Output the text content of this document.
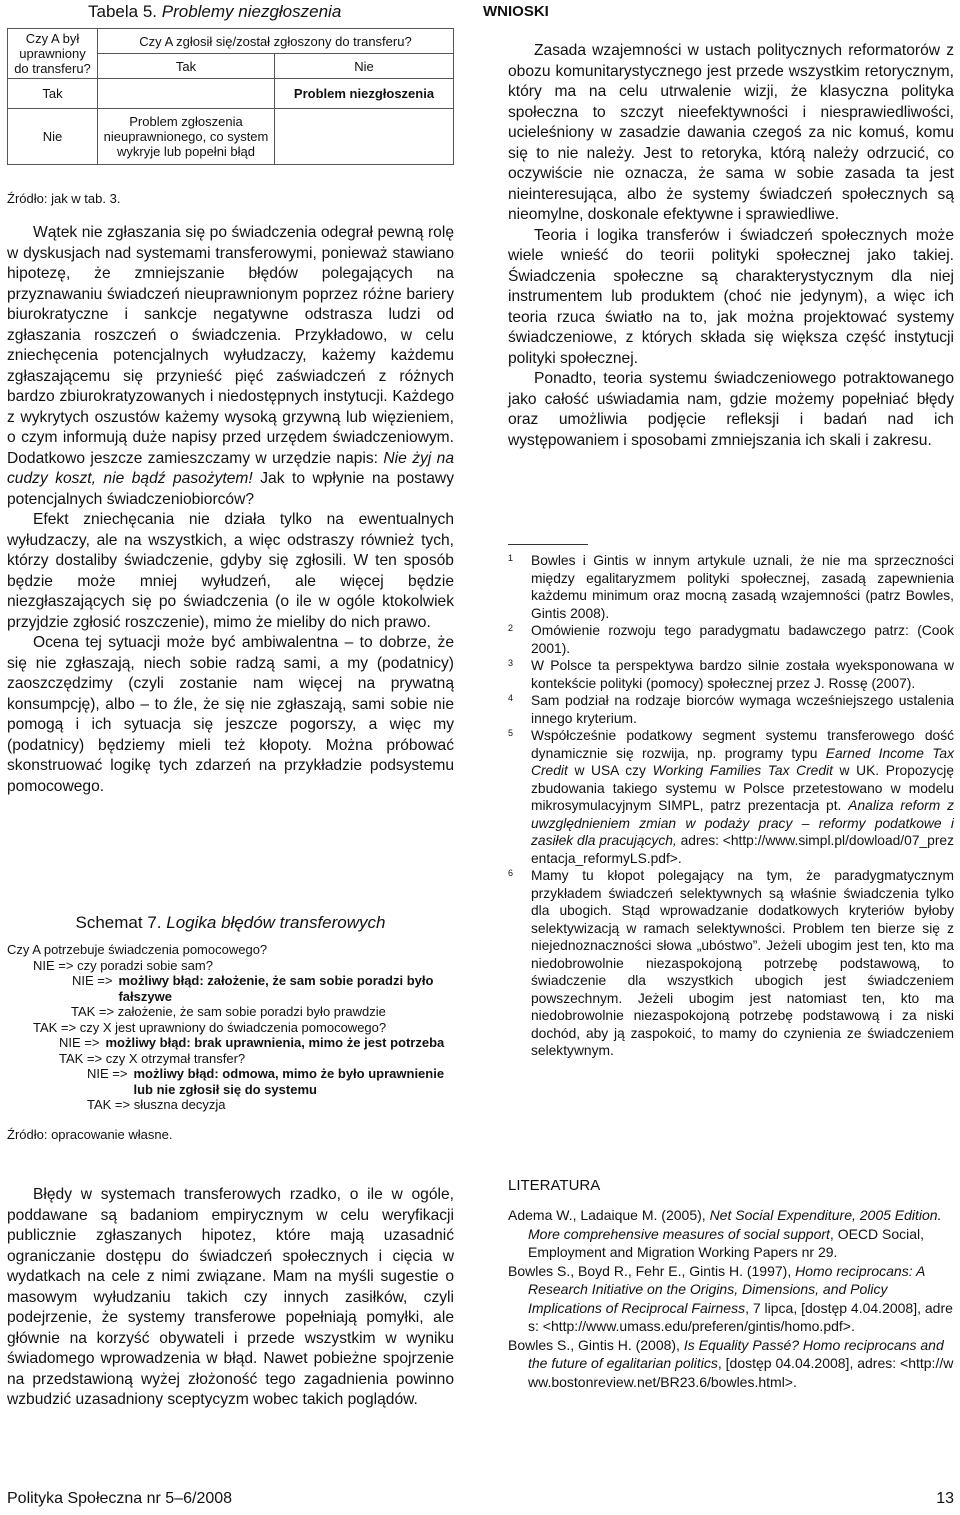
Tabela 5. Problemy niezgłoszenia
Czy A był uprawniony do transferu?	Czy A zgłosił się/został zgłoszony do transferu?	
	Tak	Nie
Tak		Problem niezgłoszenia
Nie	Problem zgłoszenia nieuprawnionego, co system wykryje lub popełni błąd	
Źródło: jak w tab. 3.

Wątek nie zgłaszania się po świadczenia odegrał pewną rolę w dyskusjach nad systemami transferowymi, ponieważ stawiano hipotezę, że zmniejszanie błędów polegających na przyznawaniu świadczeń nieuprawnionym poprzez różne bariery biurokratyczne i sankcje negatywne odstrasza ludzi od zgłaszania roszczeń o świadczenia. Przykładowo, w celu zniechęcenia potencjalnych wyłudzaczy, każemy każdemu zgłaszającemu się przynieść pięć zaświadczeń z różnych bardzo zbiurokratyzowanych i niedostępnych instytucji. Każdego z wykrytych oszustów każemy wysoką grzywną lub więzieniem, o czym informują duże napisy przed urzędem świadczeniowym. Dodatkowo jeszcze zamieszczamy w urzędzie napis: Nie żyj na cudzy koszt, nie bądź pasożytem! Jak to wpłynie na postawy potencjalnych świadczeniobiorców?

Efekt zniechęcania nie działa tylko na ewentualnych wyłudzaczy, ale na wszystkich, a więc odstraszy również tych, którzy dostaliby świadczenie, gdyby się zgłosili. W ten sposób będzie może mniej wyłudzeń, ale więcej będzie niezgłaszających się po świadczenia (o ile w ogóle ktokolwiek przyjdzie zgłosić roszczenie), mimo że mieliby do nich prawo.

Ocena tej sytuacji może być ambiwalentna – to dobrze, że się nie zgłaszają, niech sobie radzą sami, a my (podatnicy) zaoszczędzimy (czyli zostanie nam więcej na prywatną konsumpcję), albo – to źle, że się nie zgłaszają, sami sobie nie pomogą i ich sytuacja się jeszcze pogorszy, a więc my (podatnicy) będziemy mieli też kłopoty. Można próbować skonstruować logikę tych zdarzeń na przykładzie podsystemu pomocowego.

Schemat 7. Logika błędów transferowych

Czy A potrzebuje świadczenia pomocowego?
NIE => czy poradzi sobie sam?
NIE => możliwy błąd: założenie, że sam sobie poradzi było fałszywe
TAK => założenie, że sam sobie poradzi było prawdzie
TAK => czy X jest uprawniony do świadczenia pomocowego?
NIE => możliwy błąd: brak uprawnienia, mimo że jest potrzeba
TAK => czy X otrzymał transfer?
NIE => możliwy błąd: odmowa, mimo że było uprawnienie lub nie zgłosił się do systemu
TAK => słuszna decyzja
Źródło: opracowanie własne.

Błędy w systemach transferowych rzadko, o ile w ogóle, poddawane są badaniom empirycznym w celu weryfikacji publicznie zgłaszanych hipotez, które mają uzasadnić ograniczanie dostępu do świadczeń społecznych i cięcia w wydatkach na cele z nimi związane. Mam na myśli sugestie o masowym wyłudzaniu takich czy innych zasiłków, czyli podejrzenie, że systemy transferowe popełniają pomyłki, ale głównie na korzyść obywateli i przede wszystkim w wyniku świadomego wprowadzenia w błąd. Nawet pobieżne spojrzenie na przedstawioną wyżej złożoność tego zagadnienia powinno wzbudzić uzasadniony sceptycyzm wobec takich poglądów.

WNIOSKI

Zasada wzajemności w ustach politycznych reformatorów z obozu komunitarystycznego jest przede wszystkim retorycznym, który ma na celu utrwalenie wizji, że klasyczna polityka społeczna to szczyt nieefektywności i niesprawiedliwości, ucieleśniony w zasadzie dawania czegoś za nic komuś, komu się to nie należy. Jest to retoryka, którą należy odrzucić, co oczywiście nie oznacza, że sama w sobie zasada ta jest nieinteresująca, albo że systemy świadczeń społecznych są nieomylne, doskonale efektywne i sprawiedliwe.

Teoria i logika transferów i świadczeń społecznych może wiele wnieść do teorii polityki społecznej jako takiej. Świadczenia społeczne są charakterystycznym dla niej instrumentem lub produktem (choć nie jedynym), a więc ich teoria rzuca światło na to, jak można projektować systemy świadczeniowe, z których składa się większa część instytucji polityki społecznej.

Ponadto, teoria systemu świadczeniowego potraktowanego jako całość uświadamia nam, gdzie możemy popełniać błędy oraz umożliwia podjęcie refleksji i badań nad ich występowaniem i sposobami zmniejszania ich skali i zakresu.

1 Bowles i Gintis w innym artykule uznali, że nie ma sprzeczności między egalitaryzmem polityki społecznej, zasadą zapewnienia każdemu minimum oraz mocną zasadą wzajemności (patrz Bowles, Gintis 2008).
2 Omówienie rozwoju tego paradygmatu badawczego patrz: (Cook 2001).
3 W Polsce ta perspektywa bardzo silnie została wyeksponowana w kontekście polityki (pomocy) społecznej przez J. Rossę (2007).
4 Sam podział na rodzaje biorców wymaga wcześniejszego ustalenia innego kryterium.
5 Współcześnie podatkowy segment systemu transferowego dość dynamicznie się rozwija, np. programy typu Earned Income Tax Credit w USA czy Working Families Tax Credit w UK. Propozycję zbudowania takiego systemu w Polsce przetestowano w modelu mikrosymulacyjnym SIMPL, patrz prezentacja pt. Analiza reform z uwzględnieniem zmian w podaży pracy – reformy podatkowe i zasiłek dla pracujących, adres: <http://www.simpl.pl/dowload/07_prezentacja_reformyLS.pdf>.
6 Mamy tu kłopot polegający na tym, że paradygmatycznym przykładem świadczeń selektywnych są właśnie świadczenia tylko dla ubogich. Stąd wprowadzanie dodatkowych kryteriów byłoby selektywizacją w ramach selektywności. Problem ten bierze się z niejednoznaczności słowa „ubóstwo”. Jeżeli ubogim jest ten, kto ma niedobrowolnie niezaspokojoną potrzebę podstawową, to świadczenie dla wszystkich ubogich jest świadczeniem powszechnym. Jeżeli ubogim jest natomiast ten, kto ma niedobrowolnie niezaspokojoną potrzebę podstawową i za niski dochód, aby ją zaspokoić, to mamy do czynienia ze świadczeniem selektywnym.
LITERATURA

Adema W., Ladaique M. (2005), Net Social Expenditure, 2005 Edition. More comprehensive measures of social support, OECD Social, Employment and Migration Working Papers nr 29.

Bowles S., Boyd R., Fehr E., Gintis H. (1997), Homo reciprocans: A Research Initiative on the Origins, Dimensions, and Policy Implications of Reciprocal Fairness, 7 lipca, [dostęp 4.04.2008], adres: <http://www.umass.edu/preferen/gintis/homo.pdf>.

Bowles S., Gintis H. (2008), Is Equality Passé? Homo reciprocans and the future of egalitarian politics, [dostęp 04.04.2008], adres: <http://www.bostonreview.net/BR23.6/bowles.html>.

Polityka Społeczna nr 5–6/2008	13
